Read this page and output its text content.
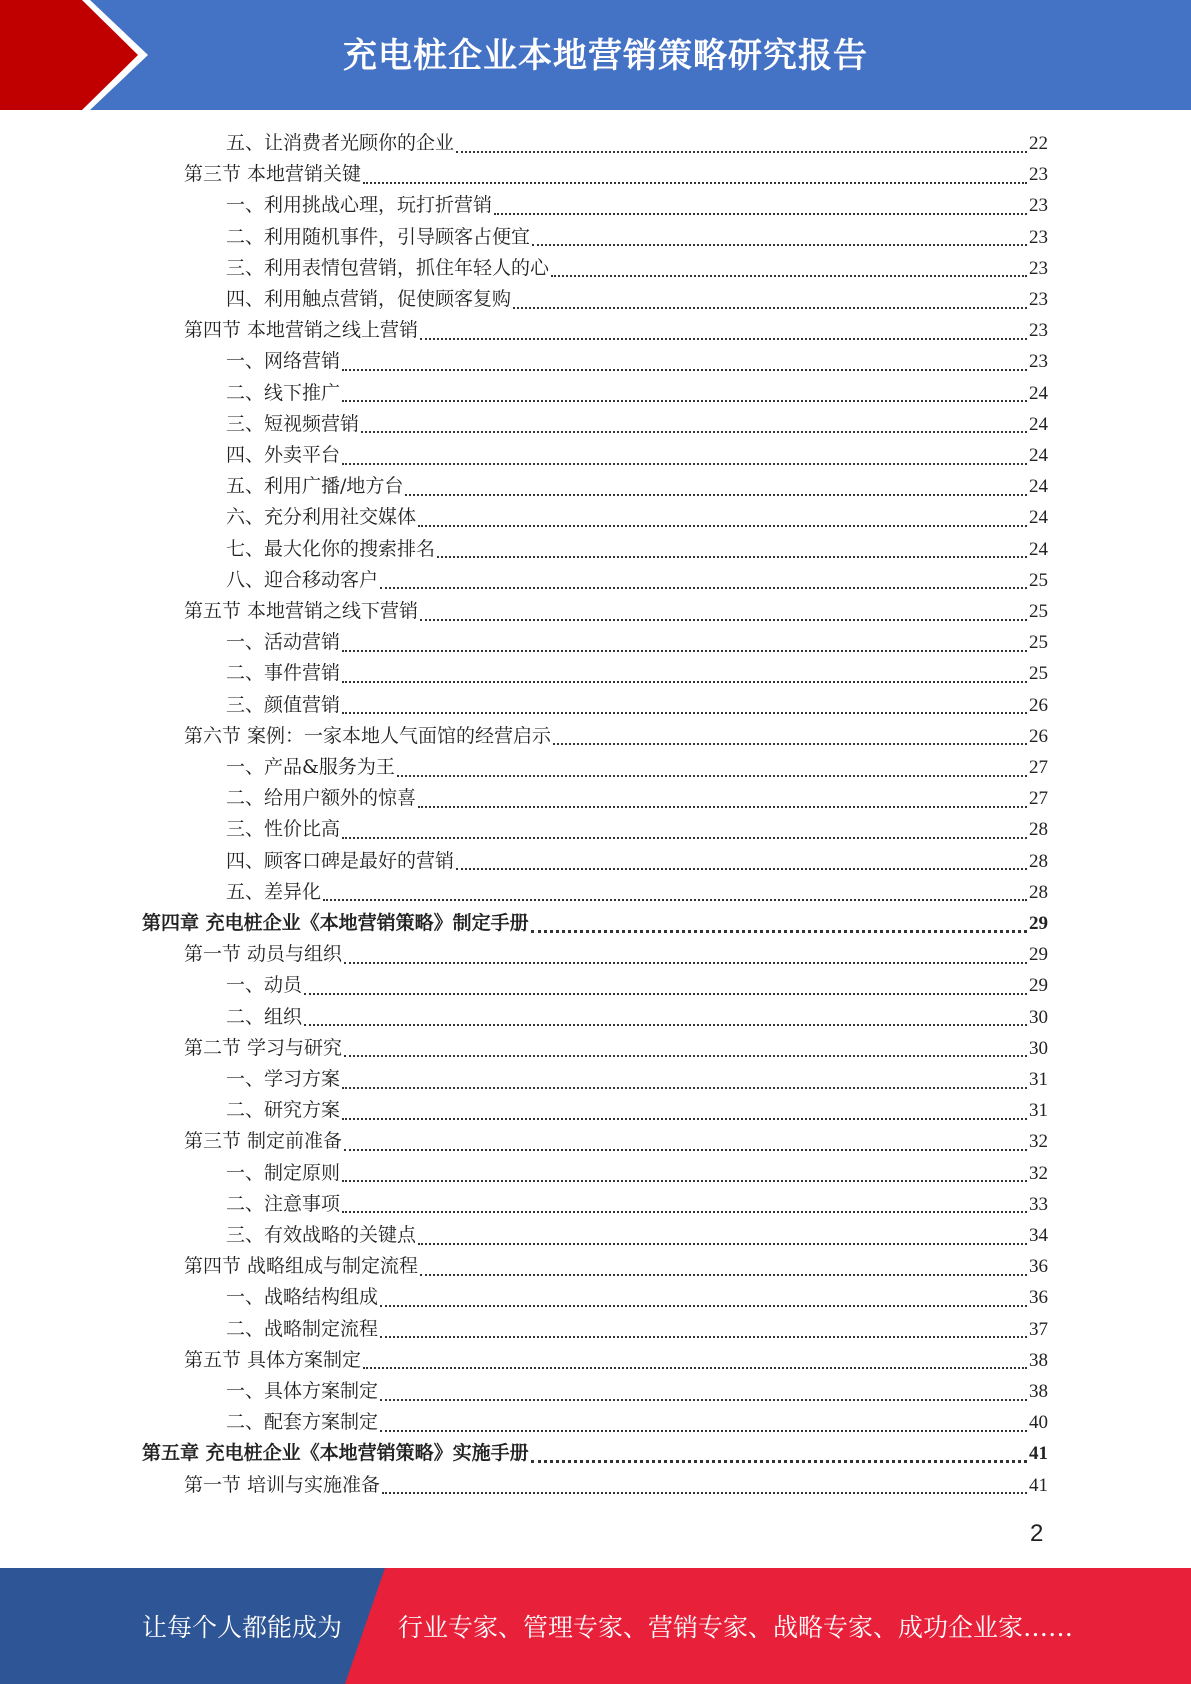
充电桩企业本地营销策略研究报告
五、让消费者光顾你的企业	22
第三节 本地营销关键	23
一、利用挑战心理，玩打折营销	23
二、利用随机事件，引导顾客占便宜	23
三、利用表情包营销，抓住年轻人的心	23
四、利用触点营销，促使顾客复购	23
第四节 本地营销之线上营销	23
一、网络营销	23
二、线下推广	24
三、短视频营销	24
四、外卖平台	24
五、利用广播/地方台	24
六、充分利用社交媒体	24
七、最大化你的搜索排名	24
八、迎合移动客户	25
第五节 本地营销之线下营销	25
一、活动营销	25
二、事件营销	25
三、颜值营销	26
第六节 案例：一家本地人气面馆的经营启示	26
一、产品&服务为王	27
二、给用户额外的惊喜	27
三、性价比高	28
四、顾客口碑是最好的营销	28
五、差异化	28
第四章 充电桩企业《本地营销策略》制定手册	29
第一节 动员与组织	29
一、动员	29
二、组织	30
第二节 学习与研究	30
一、学习方案	31
二、研究方案	31
第三节 制定前准备	32
一、制定原则	32
二、注意事项	33
三、有效战略的关键点	34
第四节 战略组成与制定流程	36
一、战略结构组成	36
二、战略制定流程	37
第五节 具体方案制定	38
一、具体方案制定	38
二、配套方案制定	40
第五章 充电桩企业《本地营销策略》实施手册	41
第一节 培训与实施准备	41
2
让每个人都能成为 行业专家、管理专家、营销专家、战略专家、成功企业家……
